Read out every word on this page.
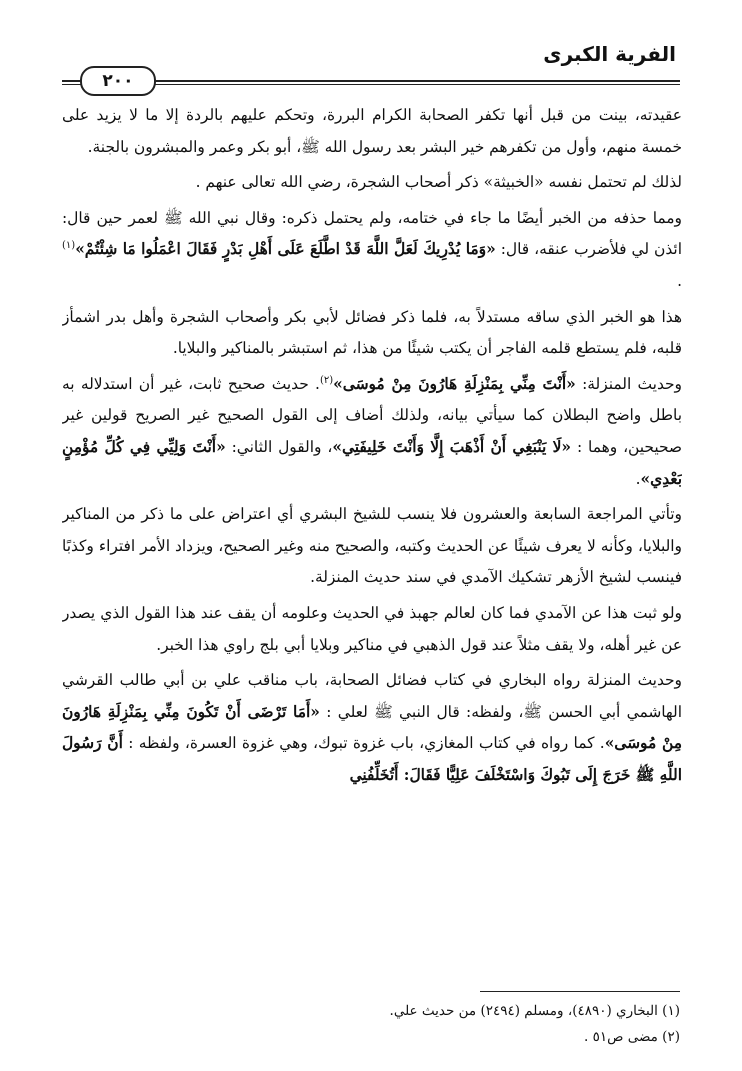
الفرية الكبرى
٢٠٠

عقيدته، بينت من قبل أنها تكفر الصحابة الكرام البررة، وتحكم عليهم بالردة إلا ما لا يزيد على خمسة منهم، وأول من تكفرهم خير البشر بعد رسول الله ﷺ، أبو بكر وعمر والمبشرون بالجنة.

لذلك لم تحتمل نفسه «الخبيثة» ذكر أصحاب الشجرة، رضي الله تعالى عنهم .

ومما حذفه من الخبر أيضًا ما جاء في ختامه، ولم يحتمل ذكره: وقال نبي الله ﷺ لعمر حين قال: ائذن لي فلأضرب عنقه، قال: «وَمَا يُدْرِيكَ لَعَلَّ اللَّهَ قَدْ اطَّلَعَ عَلَى أَهْلِ بَدْرٍ فَقَالَ اعْمَلُوا مَا شِئْتُمْ»$^{(١)}$ .

هذا هو الخبر الذي ساقه مستدلاً به، فلما ذكر فضائل لأبي بكر وأصحاب الشجرة وأهل بدر اشمأز قلبه، فلم يستطع قلمه الفاجر أن يكتب شيئًا من هذا، ثم استبشر بالمناكير والبلايا.

وحديث المنزلة: «أَنْتَ مِنِّي بِمَنْزِلَةِ هَارُونَ مِنْ مُوسَى»$^{(٢)}$. حديث صحيح ثابت، غير أن استدلاله به باطل واضح البطلان كما سيأتي بيانه، ولذلك أضاف إلى القول الصحيح غير الصريح قولين غير صحيحين، وهما : «لَا يَنْبَغِي أَنْ أَذْهَبَ إِلَّا وَأَنْتَ خَلِيفَتِي»، والقول الثاني: «أَنْتَ وَلِيِّي فِي كُلِّ مُؤْمِنٍ بَعْدِي».

وتأتي المراجعة السابعة والعشرون فلا ينسب للشيخ البشري أي اعتراض على ما ذكر من المناكير والبلايا، وكأنه لا يعرف شيئًا عن الحديث وكتبه، والصحيح منه وغير الصحيح، ويزداد الأمر افتراء وكذبًا فينسب لشيخ الأزهر تشكيك الآمدي في سند حديث المنزلة.

ولو ثبت هذا عن الآمدي فما كان لعالم جهبذ في الحديث وعلومه أن يقف عند هذا القول الذي يصدر عن غير أهله، ولا يقف مثلاً عند قول الذهبي في مناكير وبلايا أبي بلج راوي هذا الخبر.

وحديث المنزلة رواه البخاري في كتاب فضائل الصحابة، باب مناقب علي بن أبي طالب القرشي الهاشمي أبي الحسن ﷺ، ولفظه: قال النبي ﷺ لعلي : «أَمَا تَرْضَى أَنْ تَكُونَ مِنِّي بِمَنْزِلَةِ هَارُونَ مِنْ مُوسَى». كما رواه في كتاب المغازي، باب غزوة تبوك، وهي غزوة العسرة، ولفظه : أَنَّ رَسُولَ اللَّهِ ﷺ خَرَجَ إِلَى تَبُوكَ وَاسْتَخْلَفَ عَلِيًّا فَقَالَ: أَتُخَلِّفُنِي

(١) البخاري (٤٨٩٠)، ومسلم (٢٤٩٤) من حديث علي.
(٢) مضى ص٥١ .
